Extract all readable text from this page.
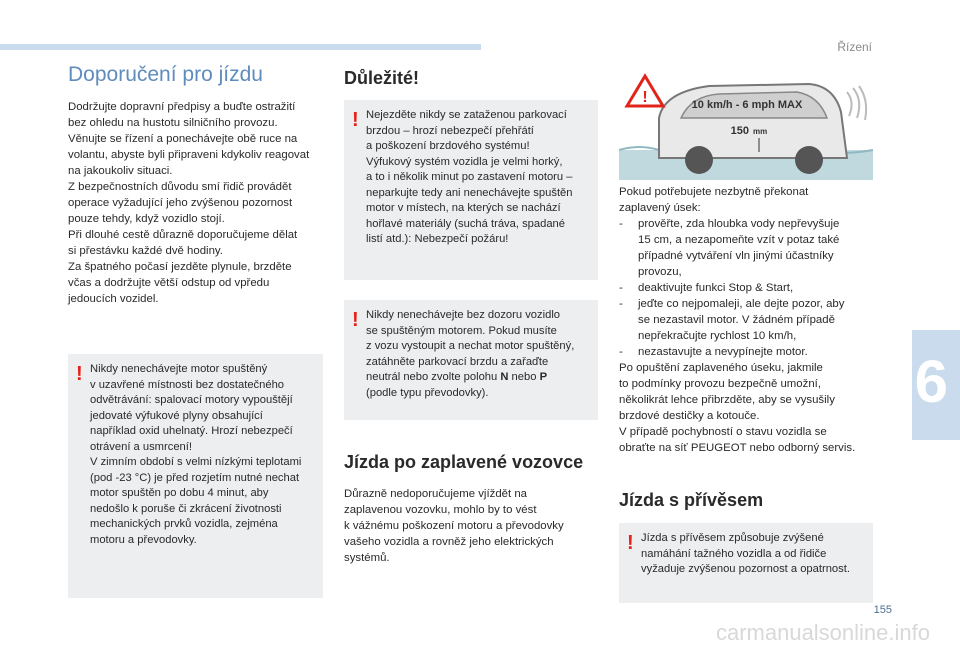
Řízení
6
155
carmanualsonline.info
Doporučení pro jízdu

Dodržujte dopravní předpisy a buďte ostražití
bez ohledu na hustotu silničního provozu.
Věnujte se řízení a ponechávejte obě ruce na
volantu, abyste byli připraveni kdykoliv reagovat
na jakoukoliv situaci.
Z bezpečnostních důvodu smí řidič provádět
operace vyžadující jeho zvýšenou pozornost
pouze tehdy, když vozidlo stojí.
Při dlouhé cestě důrazně doporučujeme dělat
si přestávku každé dvě hodiny.
Za špatného počasí jezděte plynule, brzděte
včas a dodržujte větší odstup od vpředu
jedoucích vozidel.

! Nikdy nenechávejte motor spuštěný
v uzavřené místnosti bez dostatečného
odvětrávání: spalovací motory vypouštějí
jedovaté výfukové plyny obsahující
například oxid uhelnatý. Hrozí nebezpečí
otrávení a usmrcení!
V zimním období s velmi nízkými teplotami
(pod -23 °C) je před rozjetím nutné nechat
motor spuštěn po dobu 4 minut, aby
nedošlo k poruše či zkrácení životnosti
mechanických prvků vozidla, zejména
motoru a převodovky.

Důležité!
! Nejezděte nikdy se zataženou parkovací
brzdou – hrozí nebezpečí přehřátí
a poškození brzdového systému!
Výfukový systém vozidla je velmi horký,
a to i několik minut po zastavení motoru –
neparkujte tedy ani nenechávejte spuštěn
motor v místech, na kterých se nachází
hořlavé materiály (suchá tráva, spadané
listí atd.): Nebezpečí požáru!

! Nikdy nenechávejte bez dozoru vozidlo
se spuštěným motorem. Pokud musíte
z vozu vystoupit a nechat motor spuštěný,
zatáhněte parkovací brzdu a zařaďte
neutrál nebo zvolte polohu N nebo P
(podle typu převodovky).

Jízda po zaplavené vozovce

Důrazně nedoporučujeme vjíždět na
zaplavenou vozovku, mohlo by to vést
k vážnému poškození motoru a převodovky
vašeho vozidla a rovněž jeho elektrických
systémů.

!	10 km/h - 6 mph MAX
150 mm

Pokud potřebujete nezbytně překonat
zaplavený úsek:

- prověřte, zda hloubka vody nepřevyšuje
15 cm, a nezapomeňte vzít v potaz také
případné vytváření vln jinými účastníky
provozu,
- deaktivujte funkci Stop & Start,
- jeďte co nejpomaleji, ale dejte pozor, aby
se nezastavil motor. V žádném případě
nepřekračujte rychlost 10 km/h,
- nezastavujte a nevypínejte motor.

Po opuštění zaplaveného úseku, jakmile
to podmínky provozu bezpečně umožní,
několikrát lehce přibrzděte, aby se vysušily
brzdové destičky a kotouče.
V případě pochybností o stavu vozidla se
obraťte na síť PEUGEOT nebo odborný servis.

Jízda s přívěsem
! Jízda s přívěsem způsobuje zvýšené
namáhání tažného vozidla a od řidiče
vyžaduje zvýšenou pozornost a opatrnost.
